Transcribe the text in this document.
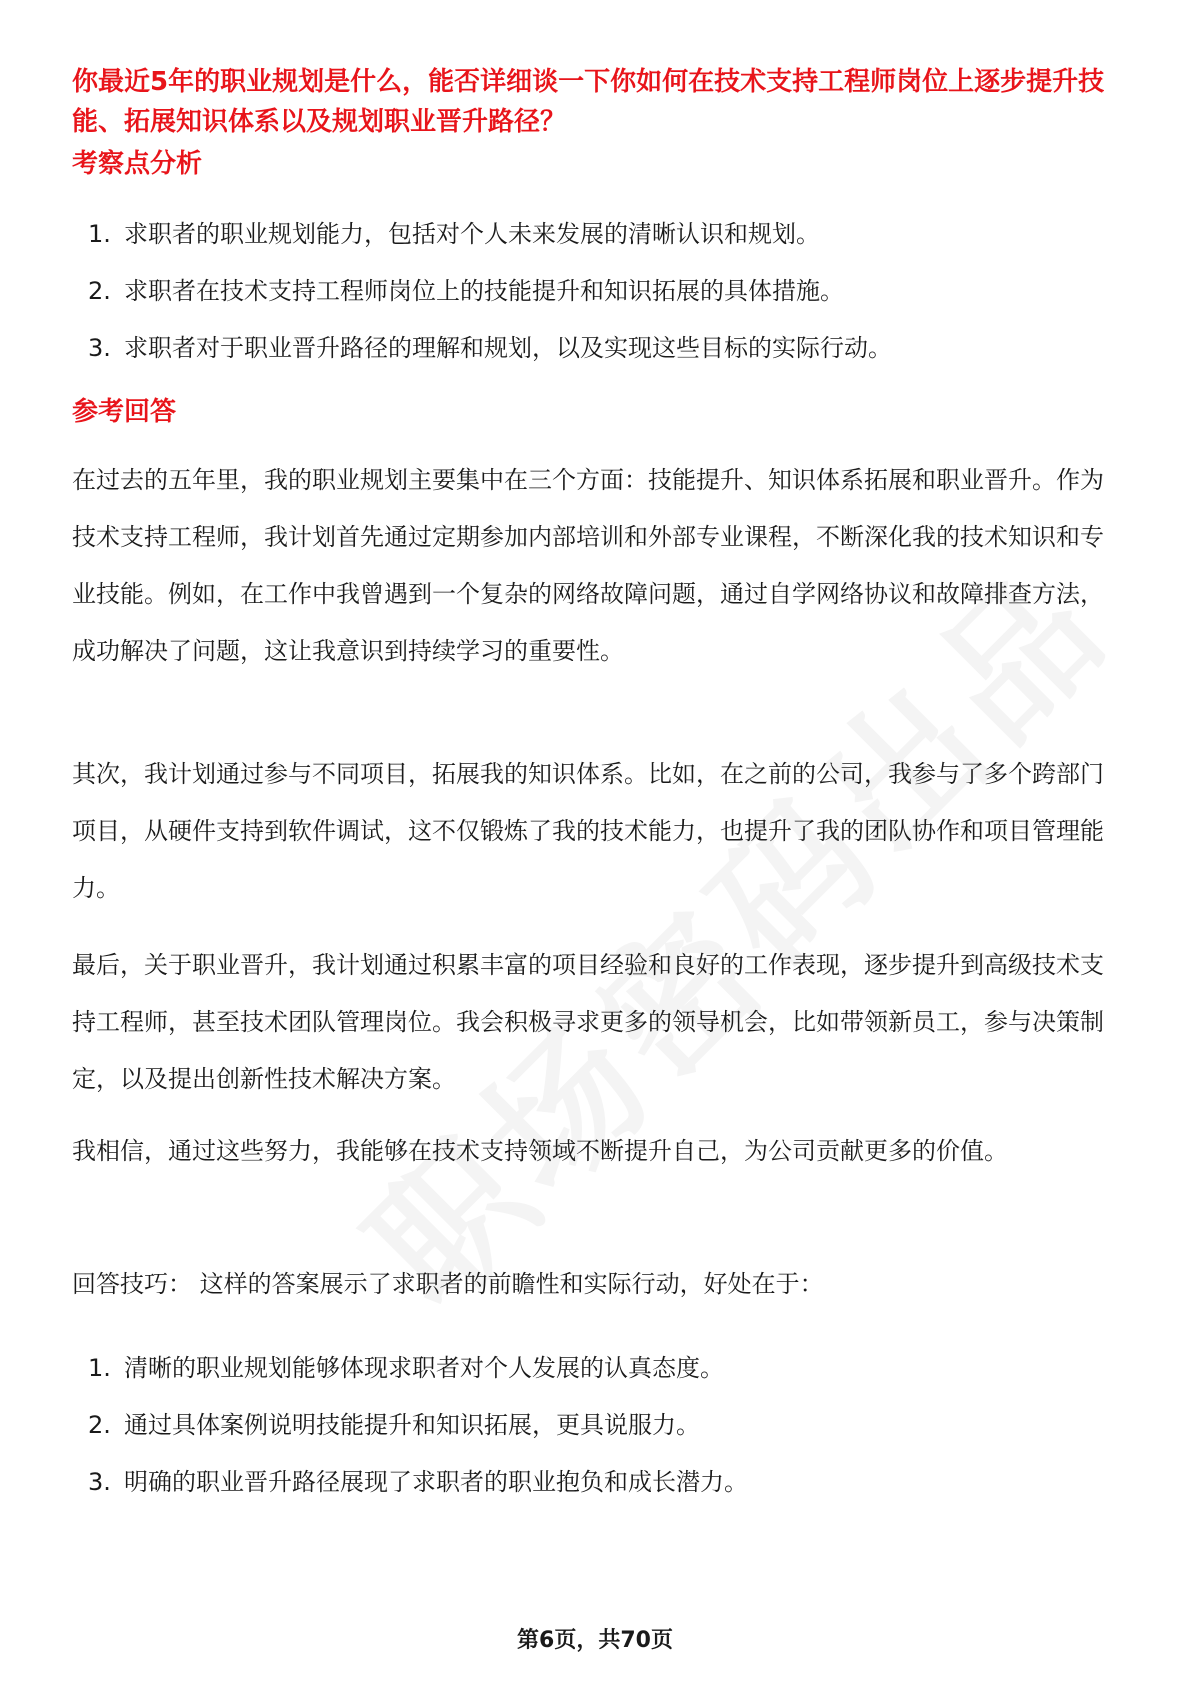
你最近5年的职业规划是什么，能否详细谈一下你如何在技术支持工程师岗位上逐步提升技能、拓展知识体系以及规划职业晋升路径？
考察点分析
1. 求职者的职业规划能力，包括对个人未来发展的清晰认识和规划。
2. 求职者在技术支持工程师岗位上的技能提升和知识拓展的具体措施。
3. 求职者对于职业晋升路径的理解和规划，以及实现这些目标的实际行动。
参考回答

在过去的五年里，我的职业规划主要集中在三个方面：技能提升、知识体系拓展和职业晋升。作为技术支持工程师，我计划首先通过定期参加内部培训和外部专业课程，不断深化我的技术知识和专业技能。例如，在工作中我曾遇到一个复杂的网络故障问题，通过自学网络协议和故障排查方法，成功解决了问题，这让我意识到持续学习的重要性。

其次，我计划通过参与不同项目，拓展我的知识体系。比如，在之前的公司，我参与了多个跨部门项目，从硬件支持到软件调试，这不仅锻炼了我的技术能力，也提升了我的团队协作和项目管理能力。

最后，关于职业晋升，我计划通过积累丰富的项目经验和良好的工作表现，逐步提升到高级技术支持工程师，甚至技术团队管理岗位。我会积极寻求更多的领导机会，比如带领新员工，参与决策制定，以及提出创新性技术解决方案。

我相信，通过这些努力，我能够在技术支持领域不断提升自己，为公司贡献更多的价值。

回答技巧： 这样的答案展示了求职者的前瞻性和实际行动，好处在于：

1. 清晰的职业规划能够体现求职者对个人发展的认真态度。
2. 通过具体案例说明技能提升和知识拓展，更具说服力。
3. 明确的职业晋升路径展现了求职者的职业抱负和成长潜力。
第6页，共70页
